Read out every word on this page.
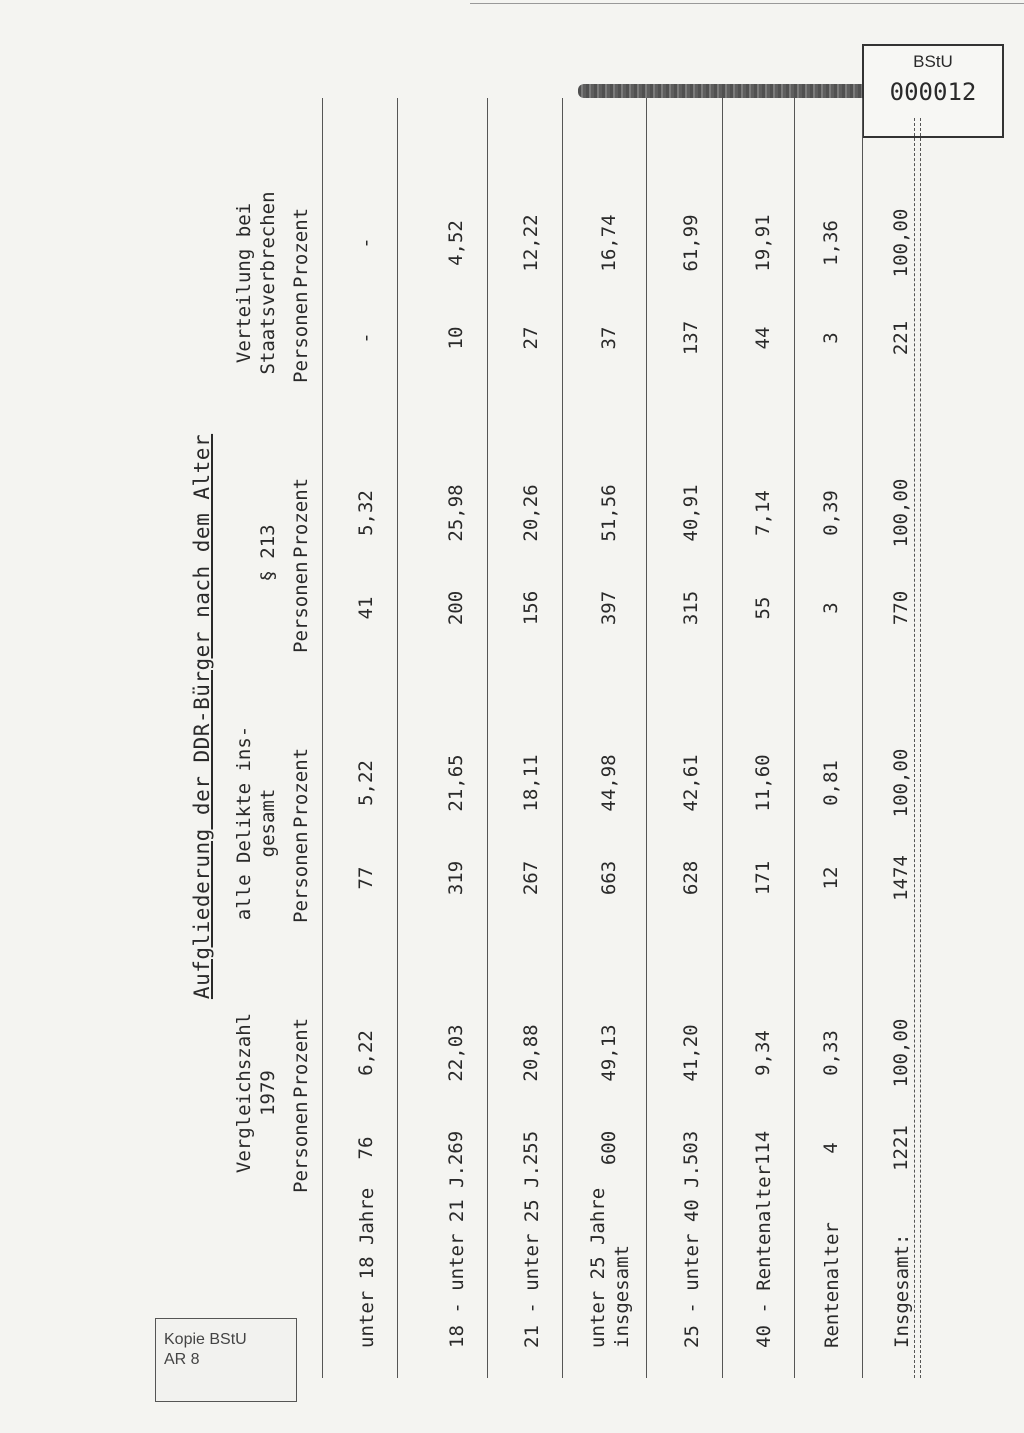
BStU
000012
Kopie BStU
AR 8
Aufgliederung der DDR-Bürger nach dem Alter
Verteilung bei
Staatsverbrechen Personen
Prozent
§ 213
Personen
Prozent
alle Delikte ins-
gesamt
Personen
Prozent
Vergleichszahl
1979
Personen
Prozent
unter 18 Jahre
-
-
41
5,32
77
5,22
76
6,22
18 - unter 21 J.
10
4,52
200
25,98
319
21,65
269
22,03
21 - unter 25 J.
27
12,22
156
20,26
267
18,11
255
20,88
unter 25 Jahre
insgesamt
37
16,74
397
51,56
663
44,98
600
49,13
25 - unter 40 J.
137
61,99
315
40,91
628
42,61
503
41,20
40 - Rentenalter
44
19,91
55
7,14
171
11,60
114
9,34
Rentenalter
3
1,36
3
0,39
12
0,81
4
0,33
Insgesamt:
221
100,00
770
100,00
1474
100,00
1221
100,00
